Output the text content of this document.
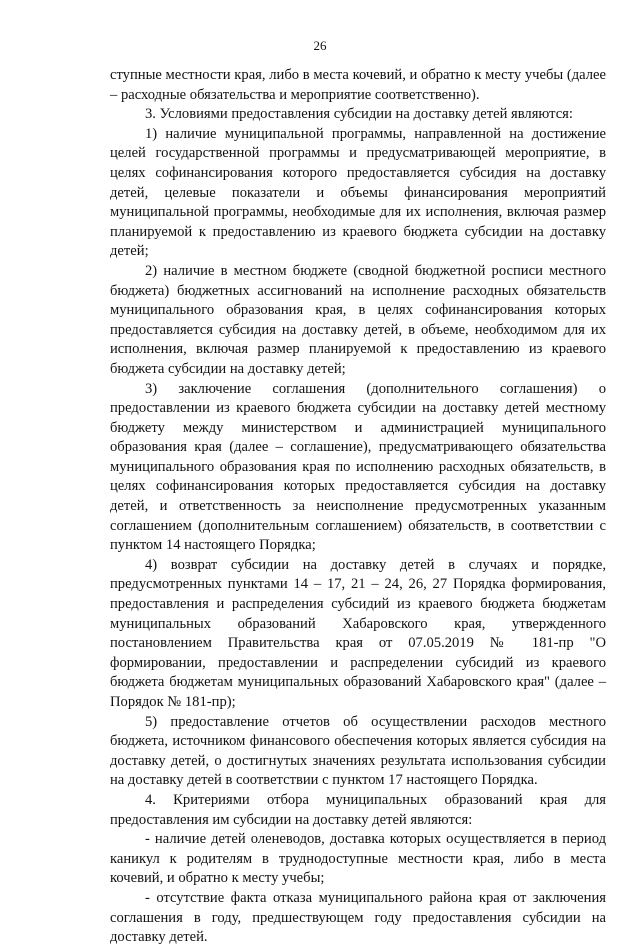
26

ступные местности края, либо в места кочевий, и обратно к месту учебы (далее – расходные обязательства и мероприятие соответственно).

3. Условиями предоставления субсидии на доставку детей являются:

1) наличие муниципальной программы, направленной на достижение целей государственной программы и предусматривающей мероприятие, в целях софинансирования которого предоставляется субсидия на доставку детей, целевые показатели и объемы финансирования мероприятий муниципальной программы, необходимые для их исполнения, включая размер планируемой к предоставлению из краевого бюджета субсидии на доставку детей;

2) наличие в местном бюджете (сводной бюджетной росписи местного бюджета) бюджетных ассигнований на исполнение расходных обязательств муниципального образования края, в целях софинансирования которых предоставляется субсидия на доставку детей, в объеме, необходимом для их исполнения, включая размер планируемой к предоставлению из краевого бюджета субсидии на доставку детей;

3) заключение соглашения (дополнительного соглашения) о предоставлении из краевого бюджета субсидии на доставку детей местному бюджету между министерством и администрацией муниципального образования края (далее – соглашение), предусматривающего обязательства муниципального образования края по исполнению расходных обязательств, в целях софинансирования которых предоставляется субсидия на доставку детей, и ответственность за неисполнение предусмотренных указанным соглашением (дополнительным соглашением) обязательств, в соответствии с пунктом 14 настоящего Порядка;

4) возврат субсидии на доставку детей в случаях и порядке, предусмотренных пунктами 14 – 17, 21 – 24, 26, 27 Порядка формирования, предоставления и распределения субсидий из краевого бюджета бюджетам муниципальных образований Хабаровского края, утвержденного постановлением Правительства края от 07.05.2019 № 181-пр "О формировании, предоставлении и распределении субсидий из краевого бюджета бюджетам муниципальных образований Хабаровского края" (далее – Порядок № 181-пр);

5) предоставление отчетов об осуществлении расходов местного бюджета, источником финансового обеспечения которых является субсидия на доставку детей, о достигнутых значениях результата использования субсидии на доставку детей в соответствии с пунктом 17 настоящего Порядка.

4. Критериями отбора муниципальных образований края для предоставления им субсидии на доставку детей являются:

- наличие детей оленеводов, доставка которых осуществляется в период каникул к родителям в труднодоступные местности края, либо в места кочевий, и обратно к месту учебы;

- отсутствие факта отказа муниципального района края от заключения соглашения в году, предшествующем году предоставления субсидии на доставку детей.
